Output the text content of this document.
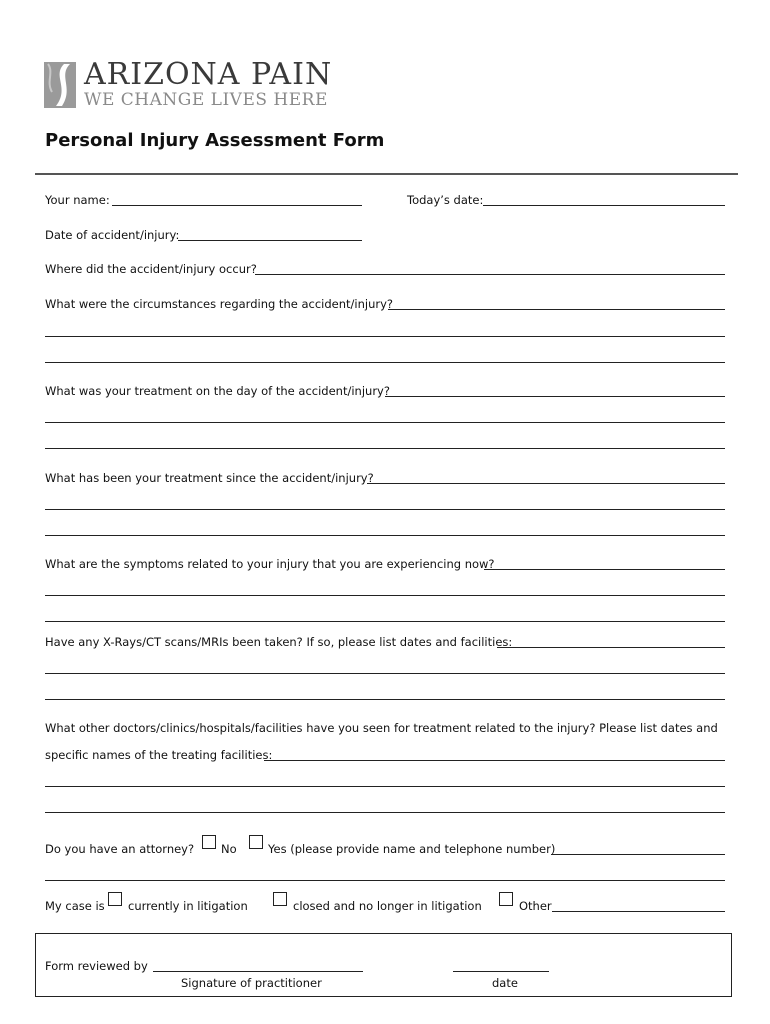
ARIZONA PAIN
WE CHANGE LIVES HERE
Personal Injury Assessment Form
Your name:	Today’s date:
Date of accident/injury:
Where did the accident/injury occur?
What were the circumstances regarding the accident/injury?
What was your treatment on the day of the accident/injury?
What has been your treatment since the accident/injury?
What are the symptoms related to your injury that you are experiencing now?
Have any X-Rays/CT scans/MRIs been taken? If so, please list dates and facilities:
What other doctors/clinics/hospitals/facilities have you seen for treatment related to the injury? Please list dates and
specific names of the treating facilities:
Do you have an attorney? No	Yes (please provide name and telephone number)
My case is currently in litigation	closed and no longer in litigation	Other
Form reviewed by
Signature of practitioner	date
